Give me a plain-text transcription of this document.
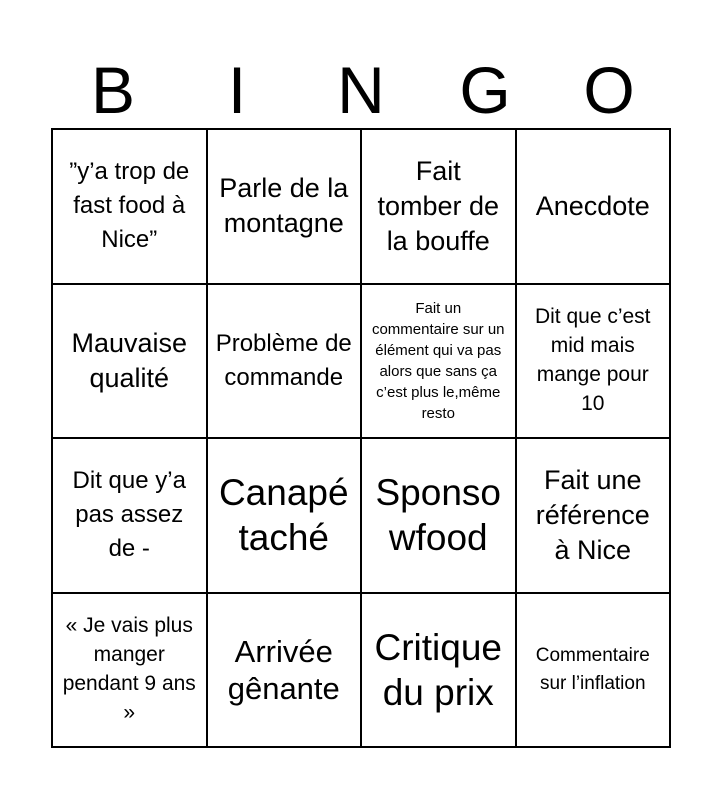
B I N G O
”y’a trop de fast food à Nice”
Parle de la montagne
Fait tomber de la bouffe
Anecdote
Mauvaise qualité
Problème de commande
Fait un commentaire sur un élément qui va pas alors que sans ça c’est plus le,même resto
Dit que c’est mid mais mange pour 10
Dit que y’a pas assez de -
Canapé taché
Sponso wfood
Fait une référence à Nice
« Je vais plus manger pendant 9 ans »
Arrivée gênante
Critique du prix
Commentaire sur l’inflation
